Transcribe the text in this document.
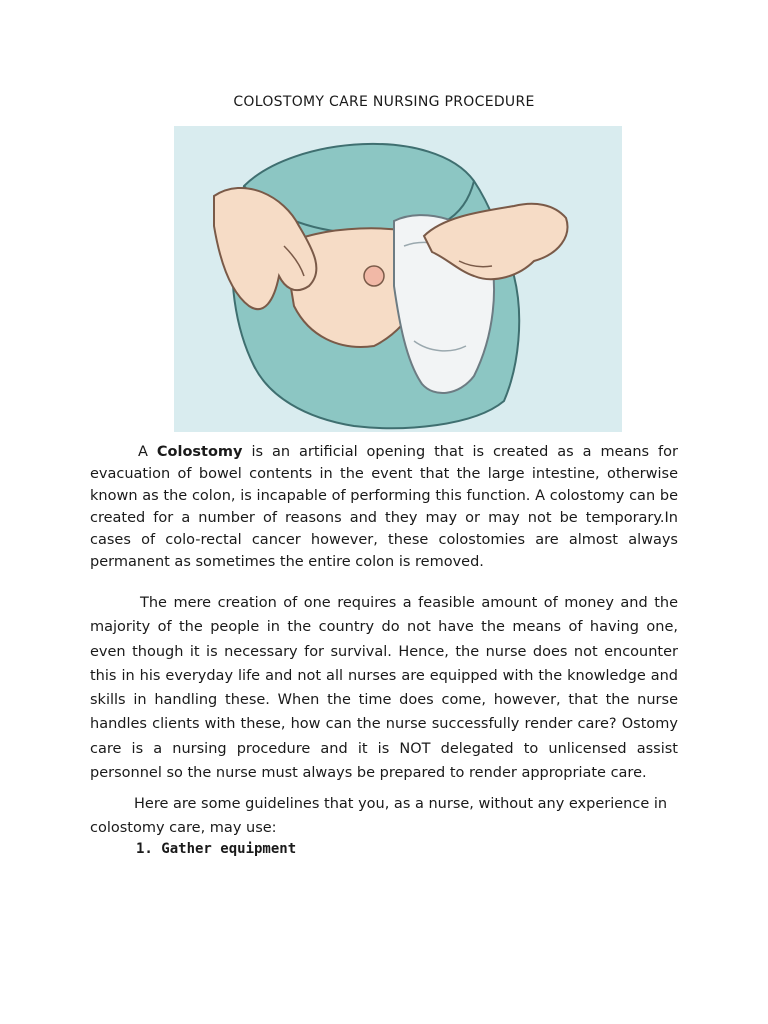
COLOSTOMY CARE NURSING PROCEDURE

A Colostomy is an artificial opening that is created as a means for evacuation of bowel contents in the event that the large intestine, otherwise known as the colon, is incapable of performing this function. A colostomy can be created for a number of reasons and they may or may not be temporary.In cases of colo-rectal cancer however, these colostomies are almost always permanent as sometimes the entire colon is removed.

The mere creation of one requires a feasible amount of money and the majority of the people in the country do not have the means of having one, even though it is necessary for survival. Hence, the nurse does not encounter this in his everyday life and not all nurses are equipped with the knowledge and skills in handling these. When the time does come, however, that the nurse handles clients with these, how can the nurse successfully render care? Ostomy care is a nursing procedure and it is NOT delegated to unlicensed assist personnel so the nurse must always be prepared to render appropriate care.

Here are some guidelines that you, as a nurse, without any experience in colostomy care, may use:

1. Gather equipment
